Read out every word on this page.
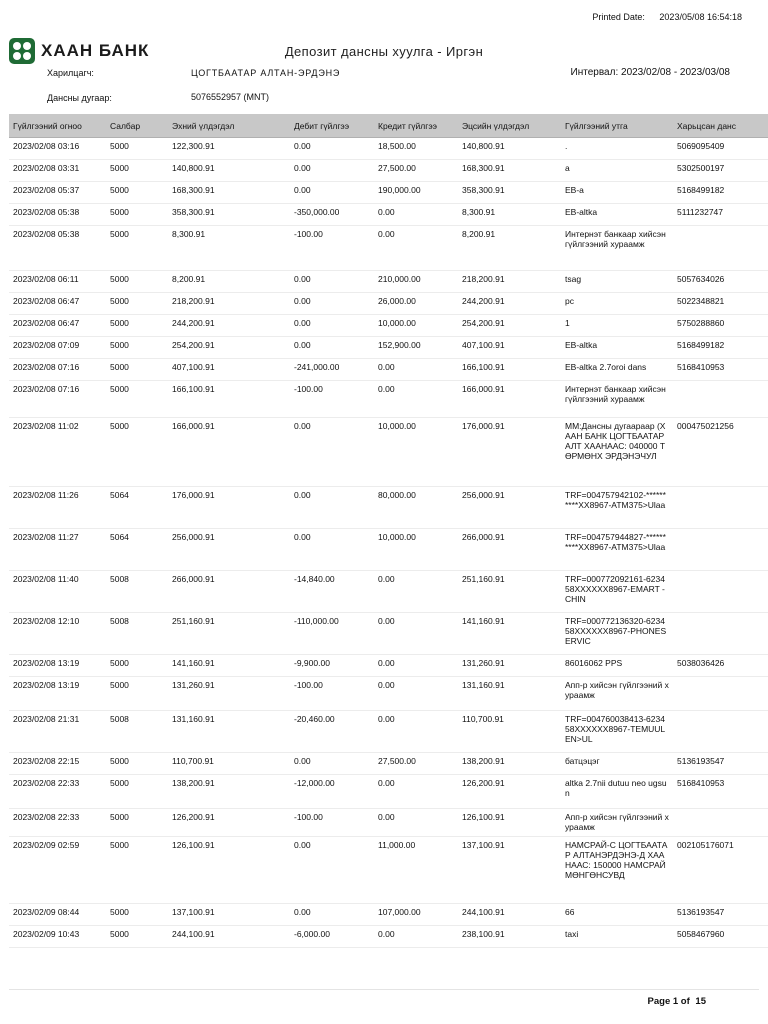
Printed Date: 2023/05/08 16:54:18
ХААН БАНК	Депозит дансны хуулга - Иргэн
Харилцагч:	ЦОГТБААТАР АЛТАН-ЭРДЭНЭ	Интервал: 2023/02/08 - 2023/03/08
Дансны дугаар:	5076552957 (MNT)
Гүйлгээний огноо	Салбар	Эхний үлдэгдэл	Дебит гүйлгээ	Кредит гүйлгээ	Эцсийн үлдэгдэл	Гүйлгээний утга	Харьцсан данс
2023/02/08 03:16	5000	122,300.91	0.00	18,500.00	140,800.91	.	5069095409
2023/02/08 03:31	5000	140,800.91	0.00	27,500.00	168,300.91	a	5302500197
2023/02/08 05:37	5000	168,300.91	0.00	190,000.00	358,300.91	EB-a	5168499182
2023/02/08 05:38	5000	358,300.91	-350,000.00	0.00	8,300.91	EB-altka	5111232747
2023/02/08 05:38	5000	8,300.91	-100.00	0.00	8,200.91	Интернэт банкаар хийсэн гүйлгээний хураамж	
2023/02/08 06:11	5000	8,200.91	0.00	210,000.00	218,200.91	tsag	5057634026
2023/02/08 06:47	5000	218,200.91	0.00	26,000.00	244,200.91	pc	5022348821
2023/02/08 06:47	5000	244,200.91	0.00	10,000.00	254,200.91	1	5750288860
2023/02/08 07:09	5000	254,200.91	0.00	152,900.00	407,100.91	EB-altka	5168499182
2023/02/08 07:16	5000	407,100.91	-241,000.00	0.00	166,100.91	EB-altka 2.7oroi dans	5168410953
2023/02/08 07:16	5000	166,100.91	-100.00	0.00	166,000.91	Интернэт банкаар хийсэн гүйлгээний хураамж	
2023/02/08 11:02	5000	166,000.91	0.00	10,000.00	176,000.91	ММ:Дансны дугаараар (ХААН БАНК ЦОГТБААТАР АЛТ ХААНААС: 040000 ТӨРМӨНХ ЭРДЭНЭЧУЛ	000475021256
2023/02/08 11:26	5064	176,000.91	0.00	80,000.00	256,000.91	TRF=004757942102-**********XX8967-ATM375>Ulaa	
2023/02/08 11:27	5064	256,000.91	0.00	10,000.00	266,000.91	TRF=004757944827-**********XX8967-ATM375>Ulaa	
2023/02/08 11:40	5008	266,000.91	-14,840.00	0.00	251,160.91	TRF=000772092161-623458XXXXXX8967-EMART -CHIN	
2023/02/08 12:10	5008	251,160.91	-110,000.00	0.00	141,160.91	TRF=000772136320-623458XXXXXX8967-PHONESERVIC	
2023/02/08 13:19	5000	141,160.91	-9,900.00	0.00	131,260.91	86016062 PPS	5038036426
2023/02/08 13:19	5000	131,260.91	-100.00	0.00	131,160.91	Апп-р хийсэн гүйлгээний хураамж	
2023/02/08 21:31	5008	131,160.91	-20,460.00	0.00	110,700.91	TRF=004760038413-623458XXXXXX8967-TEMUULEN>UL	
2023/02/08 22:15	5000	110,700.91	0.00	27,500.00	138,200.91	батцэцэг	5136193547
2023/02/08 22:33	5000	138,200.91	-12,000.00	0.00	126,200.91	altka 2.7nii dutuu neo ugsun	5168410953
2023/02/08 22:33	5000	126,200.91	-100.00	0.00	126,100.91	Апп-р хийсэн гүйлгээний хураамж	
2023/02/09 02:59	5000	126,100.91	0.00	11,000.00	137,100.91	НАМСРАЙ-С ЦОГТБААТАР АЛТАНЭРДЭНЭ-Д ХААНААС: 150000 НАМСРАЙ МӨНГӨНСУВД	002105176071
2023/02/09 08:44	5000	137,100.91	0.00	107,000.00	244,100.91	66	5136193547
2023/02/09 10:43	5000	244,100.91	-6,000.00	0.00	238,100.91	taxi	5058467960
Page 1 of 15
